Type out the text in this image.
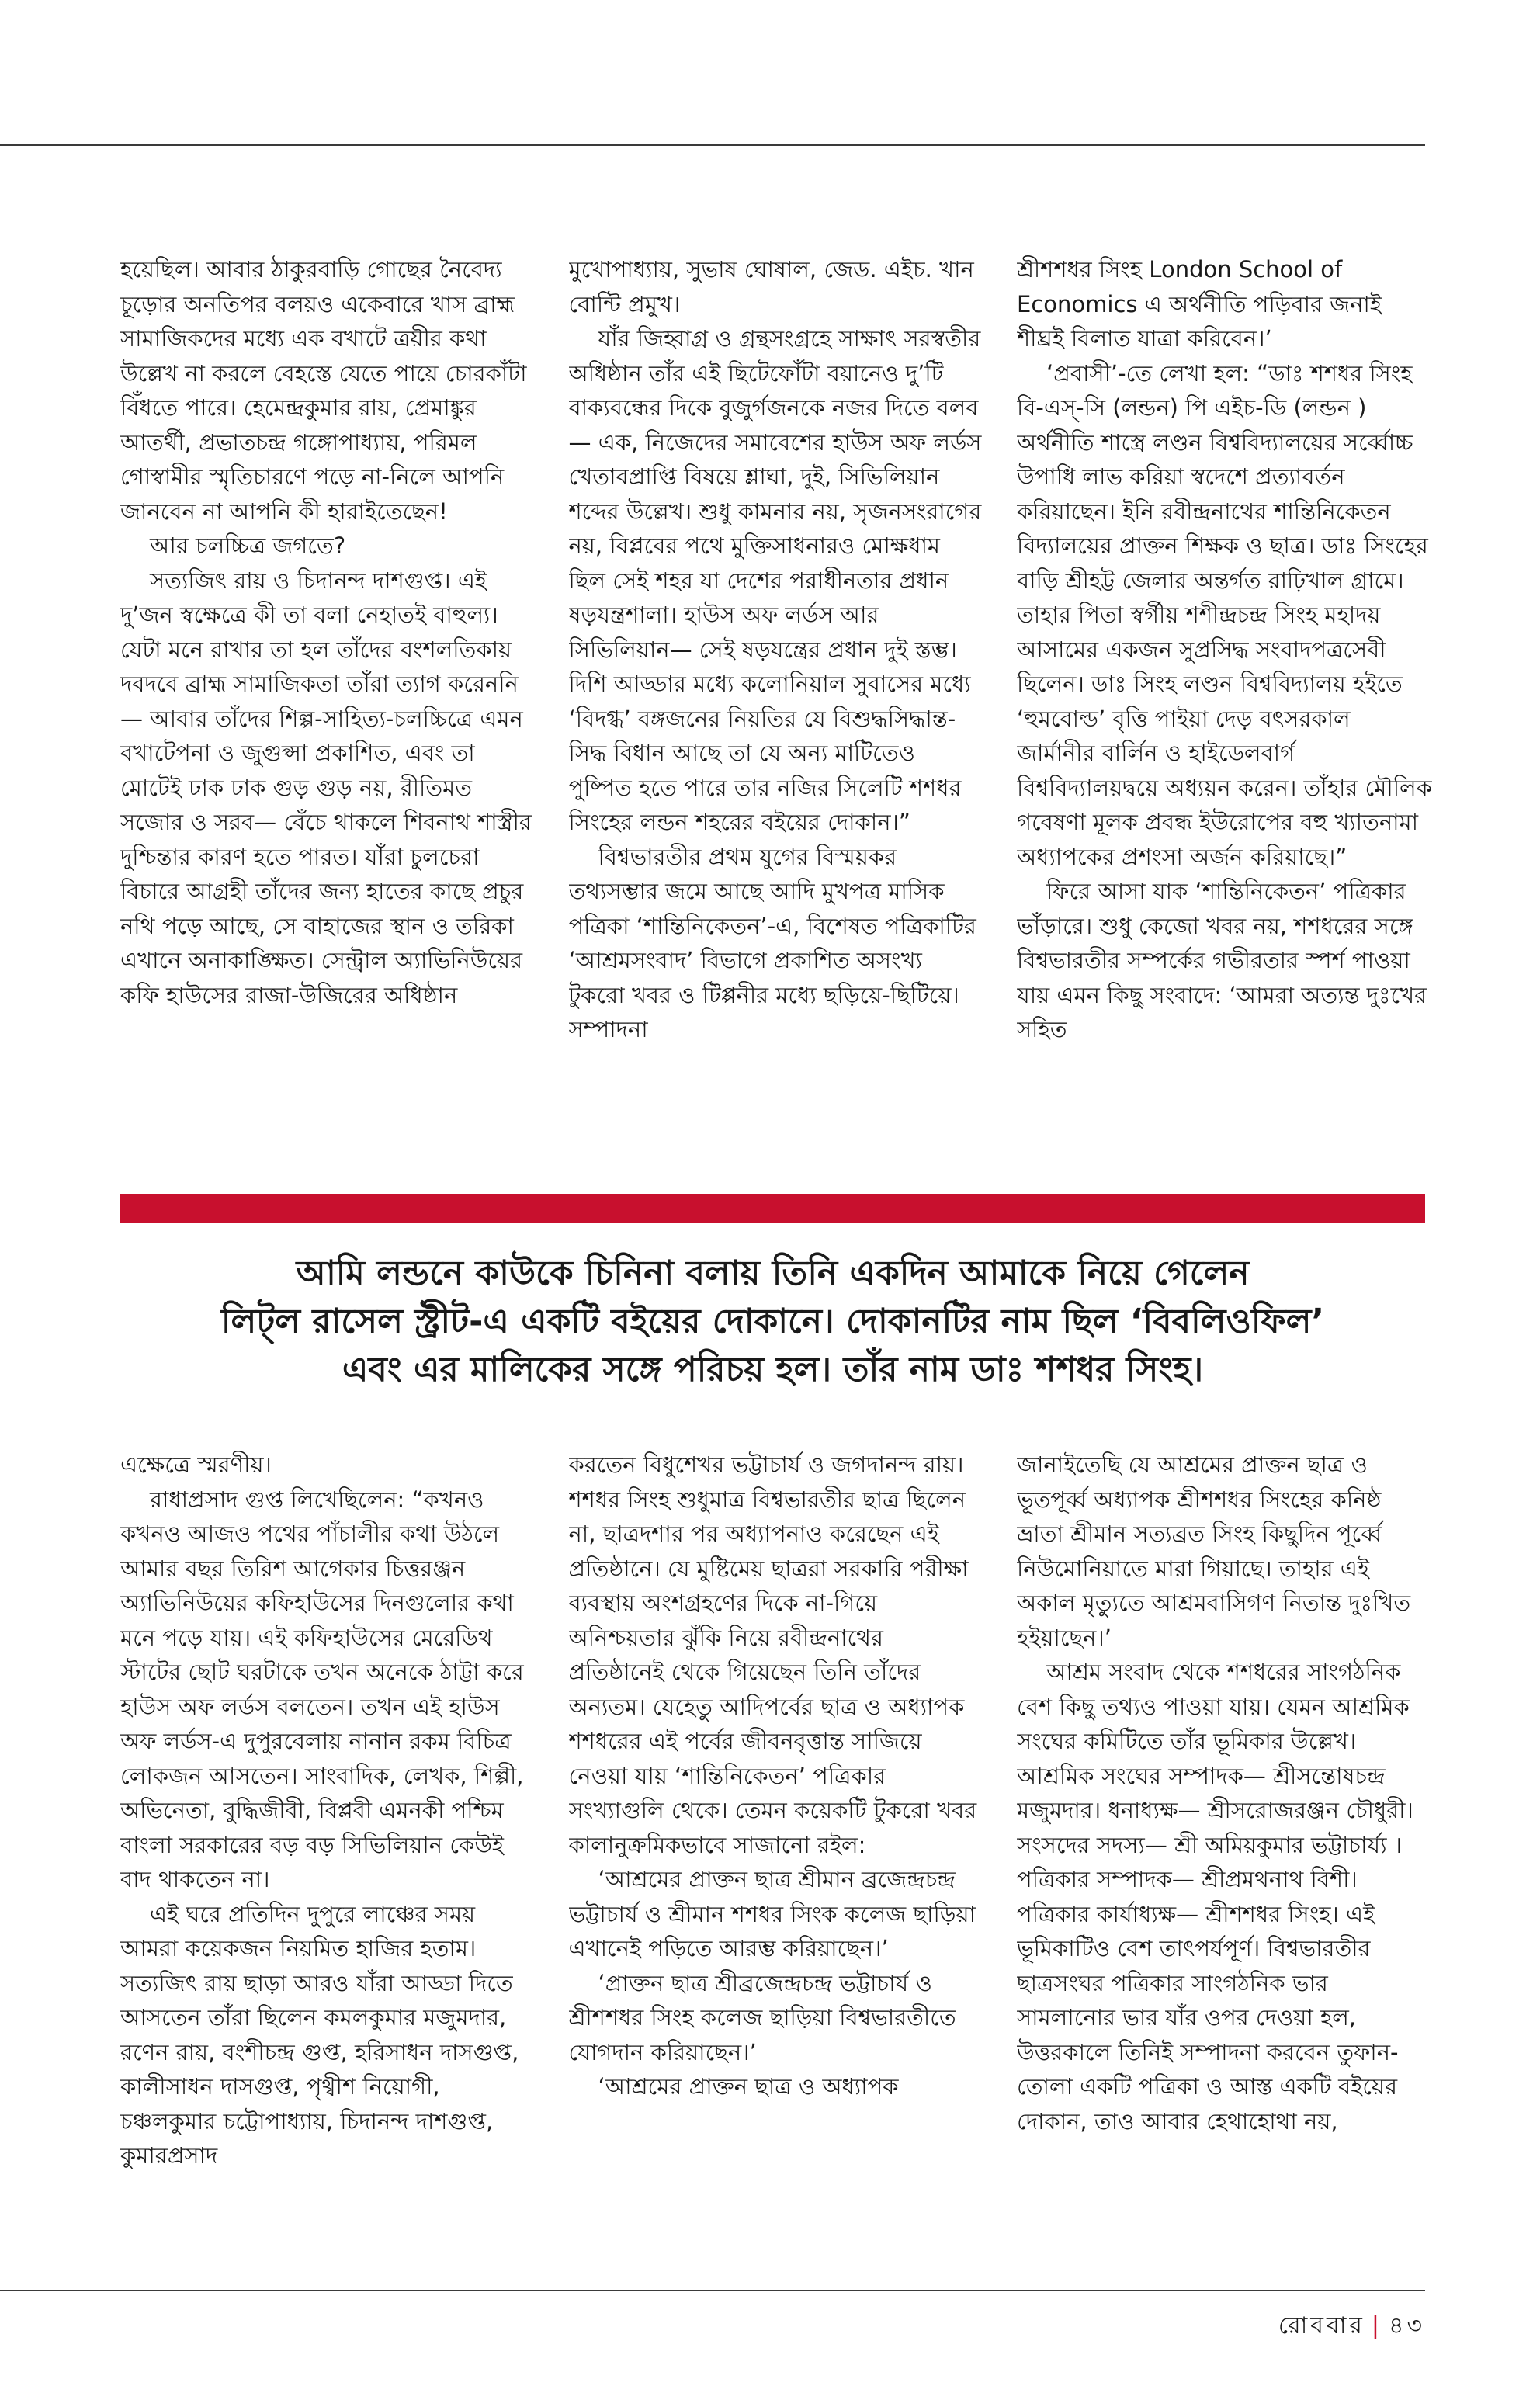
হয়েছিল। আবার ঠাকুরবাড়ি গোছের নৈবেদ্য চূড়োর অনতিপর বলয়ও একেবারে খাস ব্রাহ্ম সামাজিকদের মধ্যে এক বখাটে ত্রয়ীর কথা উল্লেখ না করলে বেহস্তে যেতে পায়ে চোরকাঁটা বিঁধতে পারে। হেমেন্দ্রকুমার রায়, প্রেমাঙ্কুর আতর্থী, প্রভাতচন্দ্র গঙ্গোপাধ্যায়, পরিমল গোস্বামীর স্মৃতিচারণে পড়ে না-নিলে আপনি জানবেন না আপনি কী হারাইতেছেন!

আর চলচ্চিত্র জগতে?

সত্যজিৎ রায় ও চিদানন্দ দাশগুপ্ত। এই দু’জন স্বক্ষেত্রে কী তা বলা নেহাতই বাহুল্য। যেটা মনে রাখার তা হল তাঁদের বংশলতিকায় দবদবে ব্রাহ্ম সামাজিকতা তাঁরা ত্যাগ করেননি— আবার তাঁদের শিল্প-সাহিত্য-চলচ্চিত্রে এমন বখাটেপনা ও জুগুপ্সা প্রকাশিত, এবং তা মোটেই ঢাক ঢাক গুড় গুড় নয়, রীতিমত সজোর ও সরব— বেঁচে থাকলে শিবনাথ শাস্ত্রীর দুশ্চিন্তার কারণ হতে পারত। যাঁরা চুলচেরা বিচারে আগ্রহী তাঁদের জন্য হাতের কাছে প্রচুর নথি পড়ে আছে, সে বাহাজের স্থান ও তরিকা এখানে অনাকাঙ্ক্ষিত। সেন্ট্রাল অ্যাভিনিউয়ের কফি হাউসের রাজা-উজিরের অধিষ্ঠান

মুখোপাধ্যায়, সুভাষ ঘোষাল, জেড. এইচ. খান বোন্টি প্রমুখ।

যাঁর জিহ্বাগ্র ও গ্রন্থসংগ্রহে সাক্ষাৎ সরস্বতীর অধিষ্ঠান তাঁর এই ছিটেফোঁটা বয়ানেও দু’টি বাক্যবন্ধের দিকে বুজুর্গজনকে নজর দিতে বলব— এক, নিজেদের সমাবেশের হাউস অফ লর্ডস খেতাবপ্রাপ্তি বিষয়ে শ্লাঘা, দুই, সিভিলিয়ান শব্দের উল্লেখ। শুধু কামনার নয়, সৃজনসংরাগের নয়, বিপ্লবের পথে মুক্তিসাধনারও মোক্ষধাম ছিল সেই শহর যা দেশের পরাধীনতার প্রধান ষড়যন্ত্রশালা। হাউস অফ লর্ডস আর সিভিলিয়ান— সেই ষড়যন্ত্রের প্রধান দুই স্তম্ভ। দিশি আড্ডার মধ্যে কলোনিয়াল সুবাসের মধ্যে ‘বিদগ্ধ’ বঙ্গজনের নিয়তির যে বিশুদ্ধসিদ্ধান্ত-সিদ্ধ বিধান আছে তা যে অন্য মাটিতেও পুষ্পিত হতে পারে তার নজির সিলেটি শশধর সিংহের লন্ডন শহরের বইয়ের দোকান।”

বিশ্বভারতীর প্রথম যুগের বিস্ময়কর তথ্যসম্ভার জমে আছে আদি মুখপত্র মাসিক পত্রিকা ‘শান্তিনিকেতন’-এ, বিশেষত পত্রিকাটির ‘আশ্রমসংবাদ’ বিভাগে প্রকাশিত অসংখ্য টুকরো খবর ও টিপ্পনীর মধ্যে ছড়িয়ে-ছিটিয়ে। সম্পাদনা

শ্রীশশধর সিংহ London School of Economics এ অর্থনীতি পড়িবার জনাই শীঘ্রই বিলাত যাত্রা করিবেন।’

‘প্রবাসী’-তে লেখা হল: “ডাঃ শশধর সিংহ বি-এস্-সি (লন্ডন) পি এইচ-ডি (লন্ডন ) অর্থনীতি শাস্ত্রে লণ্ডন বিশ্ববিদ্যালয়ের সর্ব্বোচ্চ উপাধি লাভ করিয়া স্বদেশে প্রত্যাবর্তন করিয়াছেন। ইনি রবীন্দ্রনাথের শান্তিনিকেতন বিদ্যালয়ের প্রাক্তন শিক্ষক ও ছাত্র। ডাঃ সিংহের বাড়ি শ্রীহট্ট জেলার অন্তর্গত রাঢ়িখাল গ্রামে। তাহার পিতা স্বর্গীয় শশীন্দ্রচন্দ্র সিংহ মহাদয় আসামের একজন সুপ্রসিদ্ধ সংবাদপত্রসেবী ছিলেন। ডাঃ সিংহ লণ্ডন বিশ্ববিদ্যালয় হইতে ‘হুমবোল্ড’ বৃত্তি পাইয়া দেড় বৎসরকাল জার্মানীর বার্লিন ও হাইডেলবার্গ বিশ্ববিদ্যালয়দ্বয়ে অধ্যয়ন করেন। তাঁহার মৌলিক গবেষণা মূলক প্রবন্ধ ইউরোপের বহু খ্যাতনামা অধ্যাপকের প্রশংসা অর্জন করিয়াছে।”

ফিরে আসা যাক ‘শান্তিনিকেতন’ পত্রিকার ভাঁড়ারে। শুধু কেজো খবর নয়, শশধরের সঙ্গে বিশ্বভারতীর সম্পর্কের গভীরতার স্পর্শ পাওয়া যায় এমন কিছু সংবাদে: ‘আমরা অত্যন্ত দুঃখের সহিত

আমি লন্ডনে কাউকে চিনিনা বলায় তিনি একদিন আমাকে নিয়ে গেলেন
লিট্‌ল রাসেল স্ট্রীট-এ একটি বইয়ের দোকানে। দোকানটির নাম ছিল ‘বিবলিওফিল’
এবং এর মালিকের সঙ্গে পরিচয় হল। তাঁর নাম ডাঃ শশধর সিংহ।

এক্ষেত্রে স্মরণীয়।

রাধাপ্রসাদ গুপ্ত লিখেছিলেন: “কখনও কখনও আজও পথের পাঁচালীর কথা উঠলে আমার বছর তিরিশ আগেকার চিত্তরঞ্জন অ্যাভিনিউয়ের কফিহাউসের দিনগুলোর কথা মনে পড়ে যায়। এই কফিহাউসের মেরেডিথ স্টাটের ছোট ঘরটাকে তখন অনেকে ঠাট্টা করে হাউস অফ লর্ডস বলতেন। তখন এই হাউস অফ লর্ডস-এ দুপুরবেলায় নানান রকম বিচিত্র লোকজন আসতেন। সাংবাদিক, লেখক, শিল্পী, অভিনেতা, বুদ্ধিজীবী, বিপ্লবী এমনকী পশ্চিম বাংলা সরকারের বড় বড় সিভিলিয়ান কেউই বাদ থাকতেন না।

এই ঘরে প্রতিদিন দুপুরে লাঞ্চের সময় আমরা কয়েকজন নিয়মিত হাজির হতাম। সত্যজিৎ রায় ছাড়া আরও যাঁরা আড্ডা দিতে আসতেন তাঁরা ছিলেন কমলকুমার মজুমদার, রণেন রায়, বংশীচন্দ্র গুপ্ত, হরিসাধন দাসগুপ্ত, কালীসাধন দাসগুপ্ত, পৃথ্বীশ নিয়োগী, চঞ্চলকুমার চট্টোপাধ্যায়, চিদানন্দ দাশগুপ্ত, কুমারপ্রসাদ

করতেন বিধুশেখর ভট্টাচার্য ও জগদানন্দ রায়। শশধর সিংহ শুধুমাত্র বিশ্বভারতীর ছাত্র ছিলেন না, ছাত্রদশার পর অধ্যাপনাও করেছেন এই প্রতিষ্ঠানে। যে মুষ্টিমেয় ছাত্ররা সরকারি পরীক্ষা ব্যবস্থায় অংশগ্রহণের দিকে না-গিয়ে অনিশ্চয়তার ঝুঁকি নিয়ে রবীন্দ্রনাথের প্রতিষ্ঠানেই থেকে গিয়েছেন তিনি তাঁদের অন্যতম। যেহেতু আদিপর্বের ছাত্র ও অধ্যাপক শশধরের এই পর্বের জীবনবৃত্তান্ত সাজিয়ে নেওয়া যায় ‘শান্তিনিকেতন’ পত্রিকার সংখ্যাগুলি থেকে। তেমন কয়েকটি টুকরো খবর কালানুক্রমিকভাবে সাজানো রইল:

‘আশ্রমের প্রাক্তন ছাত্র শ্রীমান ব্রজেন্দ্রচন্দ্র ভট্টাচার্য ও শ্রীমান শশধর সিংক কলেজ ছাড়িয়া এখানেই পড়িতে আরম্ভ করিয়াছেন।’

‘প্রাক্তন ছাত্র শ্রীব্রজেন্দ্রচন্দ্র ভট্টাচার্য ও শ্রীশশধর সিংহ কলেজ ছাড়িয়া বিশ্বভারতীতে যোগদান করিয়াছেন।’

‘আশ্রমের প্রাক্তন ছাত্র ও অধ্যাপক

জানাইতেছি যে আশ্রমের প্রাক্তন ছাত্র ও ভূতপূর্ব্ব অধ্যাপক শ্রীশশধর সিংহের কনিষ্ঠ ভ্রাতা শ্রীমান সত্যব্রত সিংহ কিছুদিন পূর্ব্বে নিউমোনিয়াতে মারা গিয়াছে। তাহার এই অকাল মৃত্যুতে আশ্রমবাসিগণ নিতান্ত দুঃখিত হইয়াছেন।’

আশ্রম সংবাদ থেকে শশধরের সাংগঠনিক বেশ কিছু তথ্যও পাওয়া যায়। যেমন আশ্রমিক সংঘের কমিটিতে তাঁর ভূমিকার উল্লেখ। আশ্রমিক সংঘের সম্পাদক— শ্রীসন্তোষচন্দ্র মজুমদার। ধনাধ্যক্ষ— শ্রীসরোজরঞ্জন চৌধুরী। সংসদের সদস্য— শ্রী অমিয়কুমার ভট্টাচার্য্য । পত্রিকার সম্পাদক— শ্রীপ্রমথনাথ বিশী। পত্রিকার কার্যাধ্যক্ষ— শ্রীশশধর সিংহ। এই ভূমিকাটিও বেশ তাৎপর্যপূর্ণ। বিশ্বভারতীর ছাত্রসংঘর পত্রিকার সাংগঠনিক ভার সামলানোর ভার যাঁর ওপর দেওয়া হল, উত্তরকালে তিনিই সম্পাদনা করবেন তুফান-তোলা একটি পত্রিকা ও আস্ত একটি বইয়ের দোকান, তাও আবার হেথাহোথা নয়,

রোববার | ৪৩
